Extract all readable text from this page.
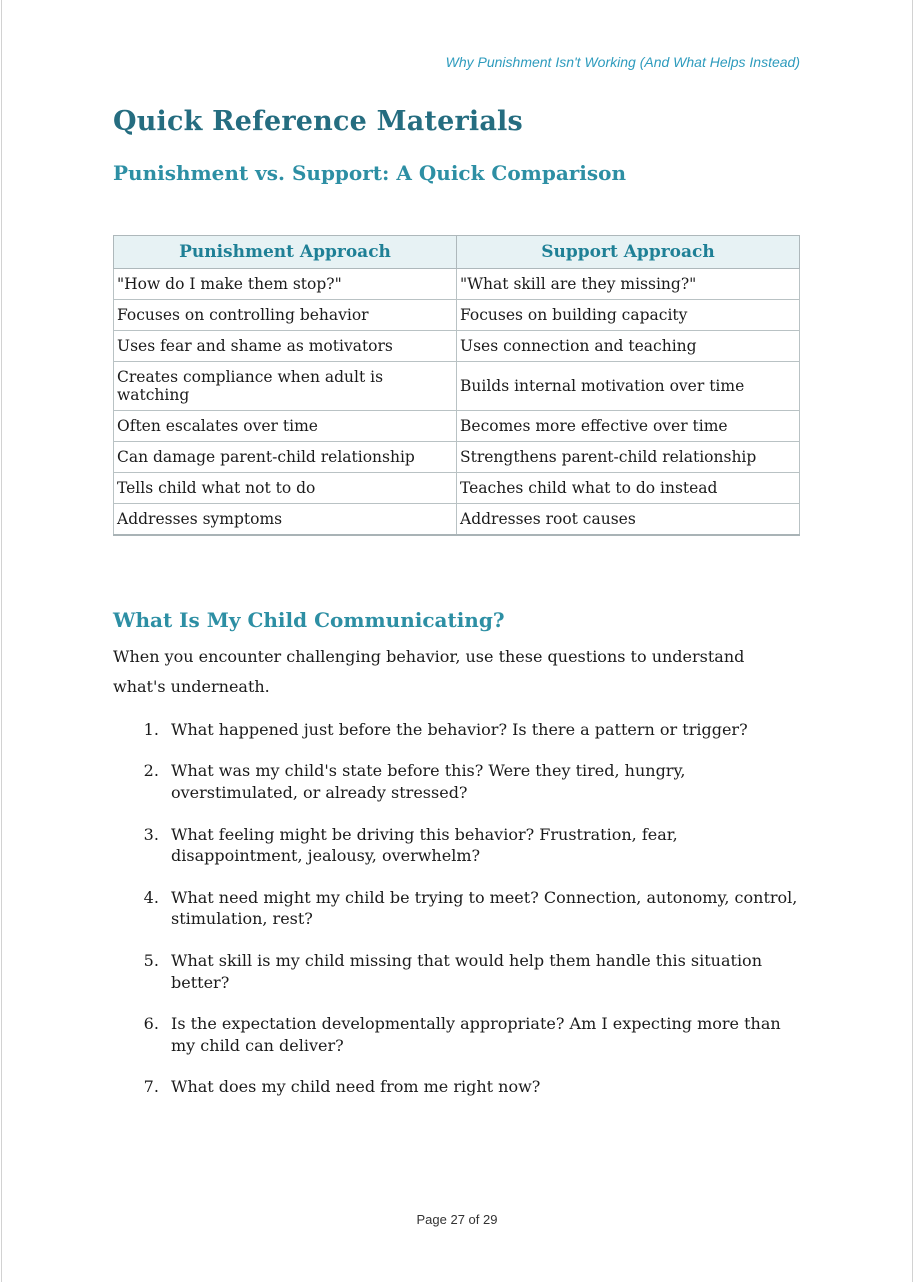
Why Punishment Isn't Working (And What Helps Instead)
Quick Reference Materials
Punishment vs. Support: A Quick Comparison
Punishment Approach	Support Approach
"How do I make them stop?"	"What skill are they missing?"
Focuses on controlling behavior	Focuses on building capacity
Uses fear and shame as motivators	Uses connection and teaching
Creates compliance when adult is watching	Builds internal motivation over time
Often escalates over time	Becomes more effective over time
Can damage parent-child relationship	Strengthens parent-child relationship
Tells child what not to do	Teaches child what to do instead
Addresses symptoms	Addresses root causes
What Is My Child Communicating?

When you encounter challenging behavior, use these questions to understand what's underneath.

1. What happened just before the behavior? Is there a pattern or trigger?
2. What was my child's state before this? Were they tired, hungry, overstimulated, or already stressed?
3. What feeling might be driving this behavior? Frustration, fear, disappointment, jealousy, overwhelm?
4. What need might my child be trying to meet? Connection, autonomy, control, stimulation, rest?
5. What skill is my child missing that would help them handle this situation better?
6. Is the expectation developmentally appropriate? Am I expecting more than my child can deliver?
7. What does my child need from me right now?
Page 27 of 29
